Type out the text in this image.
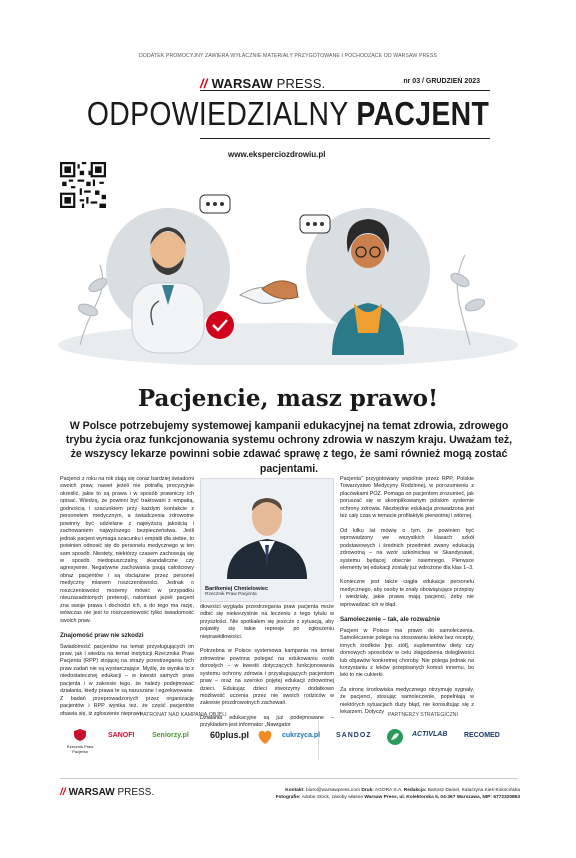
DODATEK PROMOCYJNY ZAWIERA WYŁĄCZNIE MATERIAŁY PRZYGOTOWANE I POCHODZĄCE OD WARSAW PRESS
// WARSAW PRESS.	nr 03 / GRUDZIEŃ 2023
ODPOWIEDZIALNY PACJENT
www.eksperciozdrowiu.pl
Pacjencie, masz prawo!

W Polsce potrzebujemy systemowej kampanii edukacyjnej na temat zdrowia, zdrowego trybu życia oraz funkcjonowania systemu ochrony zdrowia w naszym kraju. Uważam też, że wszyscy lekarze powinni sobie zdawać sprawę z tego, że sami również mogą zostać pacjentami.

Pacjenci z roku na rok stają się coraz bardziej świadomi swoich praw, nawet jeżeli nie potrafią precyzyjnie określić, jakie to są prawa i w sposób prawniczy ich opisać. Wiedzą, że powinni być traktowani z empatią, godnością i szacunkiem przy każdym kontakcie z personelem medycznym, a świadczenia zdrowotne powinny być udzielane z najwyższą jakością i zachowaniem najwyższego bezpieczeństwa. Jeśli jednak pacjent wymaga szacunku i empatii dla siebie, to powinien odnosić się do personelu medycznego w ten sam sposób. Niestety, niektórzy czasem zachowują się w sposób niedopuszczalny, skandaliczne czy agresywnie. Negatywne zachowania psują całościowy obraz pacjentów i są obciążane przez personel medyczny mianem roszczeniowości. Jednak o roszczeniowości możemy mówić w przypadku nieuzasadnionych pretensji, natomiast jeżeli pacjent zna swoje prawa i dochodzi ich, a do tego ma rację, wówczas nie jest to roszczeniowość tylko świadomość swoich praw.

Znajomość praw nie szkodzi

Świadomość pacjentów na temat przysługujących im praw, jak i wiedza na temat instytucji Rzecznika Praw Pacjenta (RPP) stojącej na straży przestrzegania tych praw zadań nie są wystarczające. Myślę, że wynika to z niedostatecznej edukacji – w kwestii samych praw pacjenta i w zakresie tego, że należy podejmować działania, kiedy prawa te są naruszane i egzekwowane. Z badań przeprowadzonych przez organizację pacjentów i RPP wynika też, że część pacjentów obawia się, iż zgłoszenie nieprawi-

Bartłomiej Chmielowiec
Rzecznik Praw Pacjenta

dłowości wygląda przestrzegania praw pacjenta może odbić się niekorzystnie na leczeniu z tego tytułu w przyszłości. Nie spotkałem się jeszcze z sytuacją, aby pojawiły się takie represje po zgłoszeniu nieprawidłowości.

Potrzebna w Polsce systemowa kampania na temat zdrowotne powinna polegać na edukowaniu osób dorosłych – w kwestii dotyczących funkcjonowania systemu ochrony zdrowia i przysługujących pacjentom praw – oraz na szeroko pojętej edukacji zdrowotnej dzieci. Edukując dzieci stworzymy dodatkowo możliwość uczenia przez nie swoich rodziców w zakresie prozdrowotnych zachowań.

Działania edukacyjne są już podejmowane – przykładem jest informator „Nawigator

Pacjenta” przygotowany wspólnie przez RPP, Polskie Towarzystwo Medycyny Rodzinnej, w porozumieniu z placówkami POZ. Pomaga on pacjentom zrozumieć, jak poruszać się w skomplikowanym polskim systemie ochrony zdrowia. Niezbędne edukacja prowadzona jest też cały czas w temacie profilaktyki pierwotnej i wtórnej.

Od kilku lat mówię o tym, że powinien być wprowadzony we wszystkich klasach szkół podstawowych i średnich przedmiot zwany edukacją zdrowotną – na wzór szkolnictwa w Skandynawii, systemu będącej obecnie osiemnego. Pierwsze elementy tej edukacji zostały już wdrożone dla klas 1–3.

Konieczne jest także ciągła edukacja personelu medycznego, aby osoby te znały obowiązujące przepisy i wiedziały, jakie prawa mają pacjenci, żeby nie wprowadzać ich w błąd.

Samoleczenie – tak, ale rozważnie

Pacjent w Polsce ma prawo do samoleczenia. Samoleczenie polega na stosowaniu leków bez recepty, innych środków [np. ziół], suplementów diety czy domowych sposobów w celu złagodzenia dolegliwości lub objawów konkretnej choroby. Nie polega jednak na korzystaniu z leków przepisanych komuś innemu, bo leki to nie cukierki.

Za stronę środowiska medycznego otrzymuję sygnały, że pacjenci, stosując samoleczenie, popełniają w niektórych sytuacjach duży błąd, nie konsultując się z lekarzem. Dotyczy

PATRONAT NAD KAMPANIĄ OBJĘLI	PARTNERZY STRATEGICZNI
Rzecznik Praw Pacjenta
SANOFI	Seniorzy.pl 60plus.pl	cukrzyca.pl SANDOZ	ACTIVLAB RECOMED
// WARSAW PRESS.	Kontakt: biuro@warsawpress.com Druk: AGORA S.A. Redakcja: Bartosz Daniel, Katarzyna Kieś-Kokocińska
Fotografie: Adobe Stock, zasoby własne Warsaw Press, ul. Kolektorska 5, 04-367 Warszawa, NIP: 6772320863
